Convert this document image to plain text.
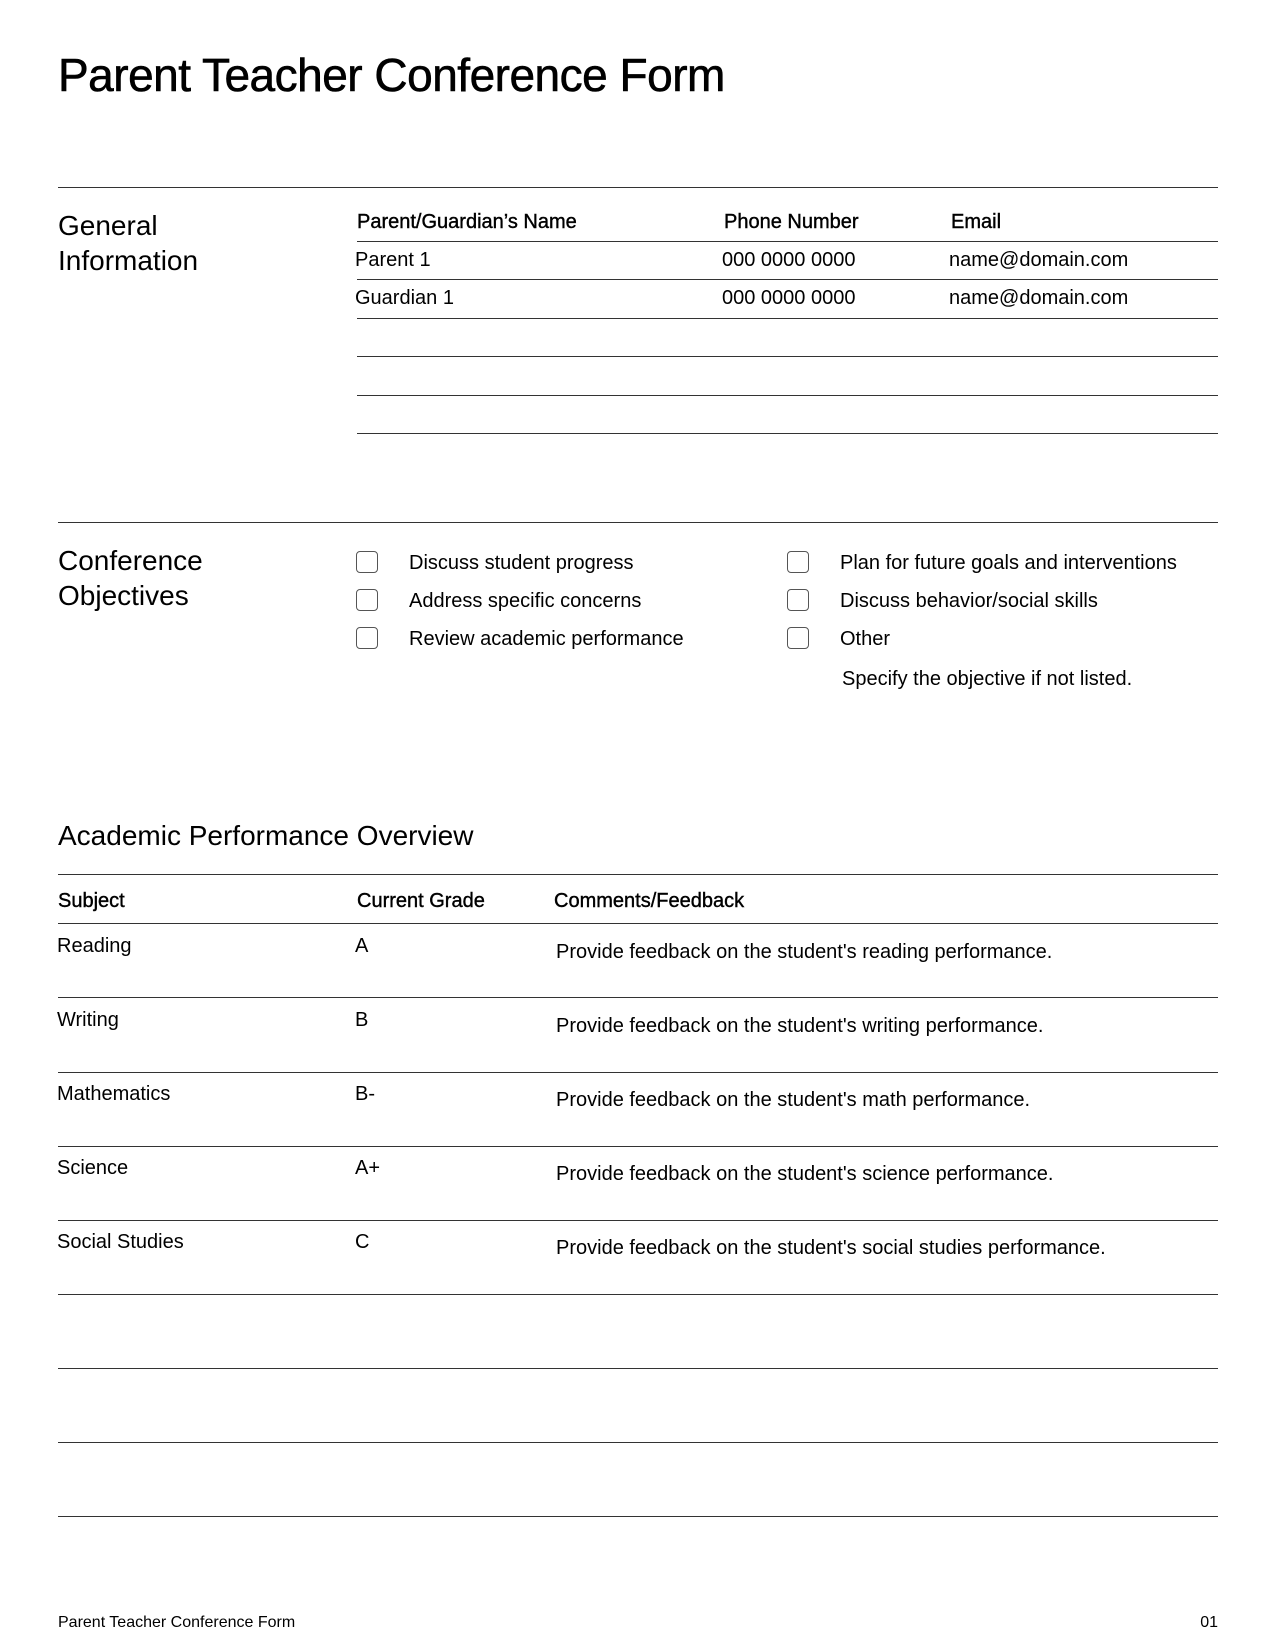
Parent Teacher Conference Form
General
Information
Parent/Guardian’s Name	Phone Number	Email
Parent 1	000 0000 0000	name@domain.com
Guardian 1	000 0000 0000	name@domain.com
Conference
Objectives
Discuss student progress
Address specific concerns
Review academic performance
Plan for future goals and interventions
Discuss behavior/social skills
Other
Specify the objective if not listed.
Academic Performance Overview
Subject	Current Grade	Comments/Feedback
Reading	A	Provide feedback on the student's reading performance.
Writing	B	Provide feedback on the student's writing performance.
Mathematics	B-	Provide feedback on the student's math performance.
Science	A+	Provide feedback on the student's science performance.
Social Studies	C	Provide feedback on the student's social studies performance.
Parent Teacher Conference Form	01
